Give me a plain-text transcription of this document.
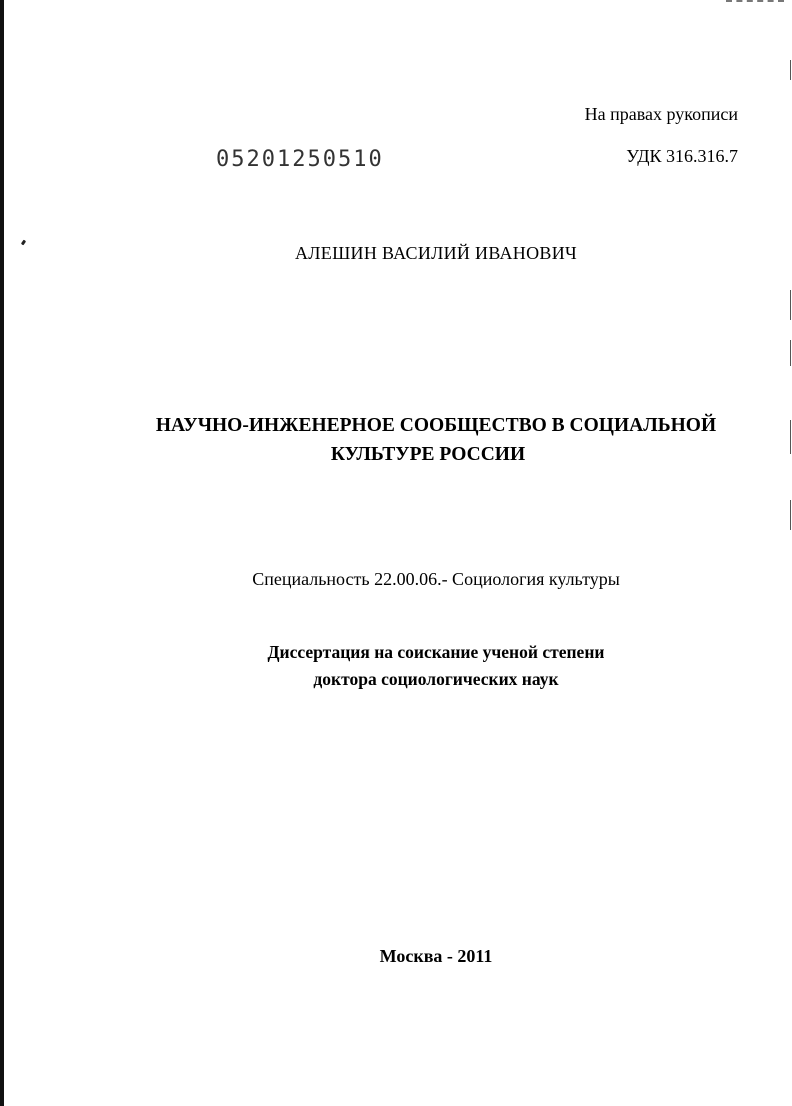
На правах рукописи
УДК 316.316.7
05201250510
АЛЕШИН ВАСИЛИЙ ИВАНОВИЧ
НАУЧНО-ИНЖЕНЕРНОЕ СООБЩЕСТВО В СОЦИАЛЬНОЙ
КУЛЬТУРЕ РОССИИ
Специальность 22.00.06.- Социология культуры
Диссертация на соискание ученой степени
доктора социологических наук
Москва - 2011
